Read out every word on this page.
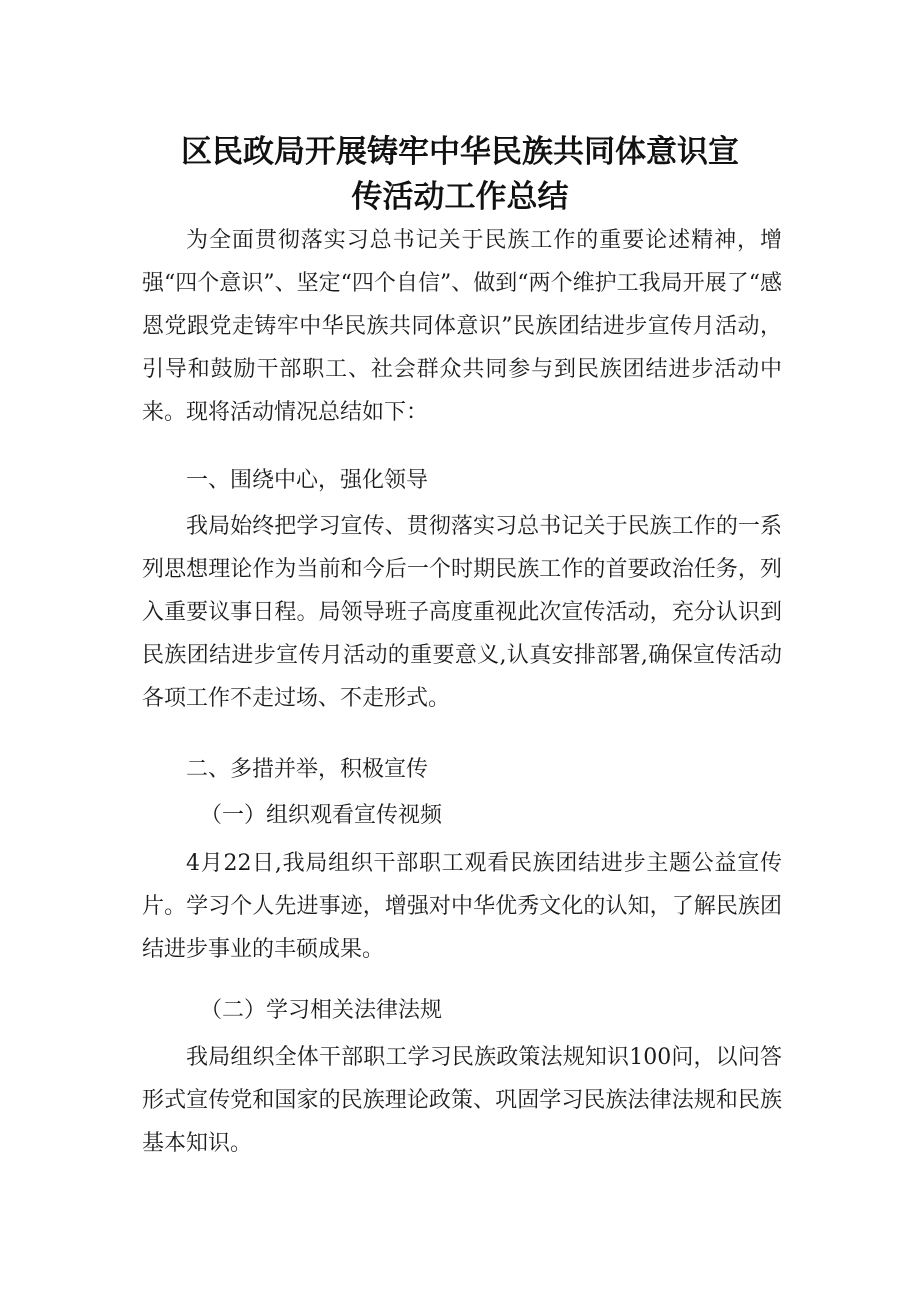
区民政局开展铸牢中华民族共同体意识宣
传活动工作总结

为全面贯彻落实习总书记关于民族工作的重要论述精神，增强“四个意识”、坚定“四个自信”、做到“两个维护工我局开展了“感恩党跟党走铸牢中华民族共同体意识”民族团结进步宣传月活动，引导和鼓励干部职工、社会群众共同参与到民族团结进步活动中来。现将活动情况总结如下：

一、围绕中心，强化领导

我局始终把学习宣传、贯彻落实习总书记关于民族工作的一系列思想理论作为当前和今后一个时期民族工作的首要政治任务，列入重要议事日程。局领导班子高度重视此次宣传活动，充分认识到民族团结进步宣传月活动的重要意义,认真安排部署,确保宣传活动各项工作不走过场、不走形式。

二、多措并举，积极宣传

（一）组织观看宣传视频

4月22日,我局组织干部职工观看民族团结进步主题公益宣传片。学习个人先进事迹，增强对中华优秀文化的认知，了解民族团结进步事业的丰硕成果。

（二）学习相关法律法规

我局组织全体干部职工学习民族政策法规知识100问，以问答形式宣传党和国家的民族理论政策、巩固学习民族法律法规和民族基本知识。
